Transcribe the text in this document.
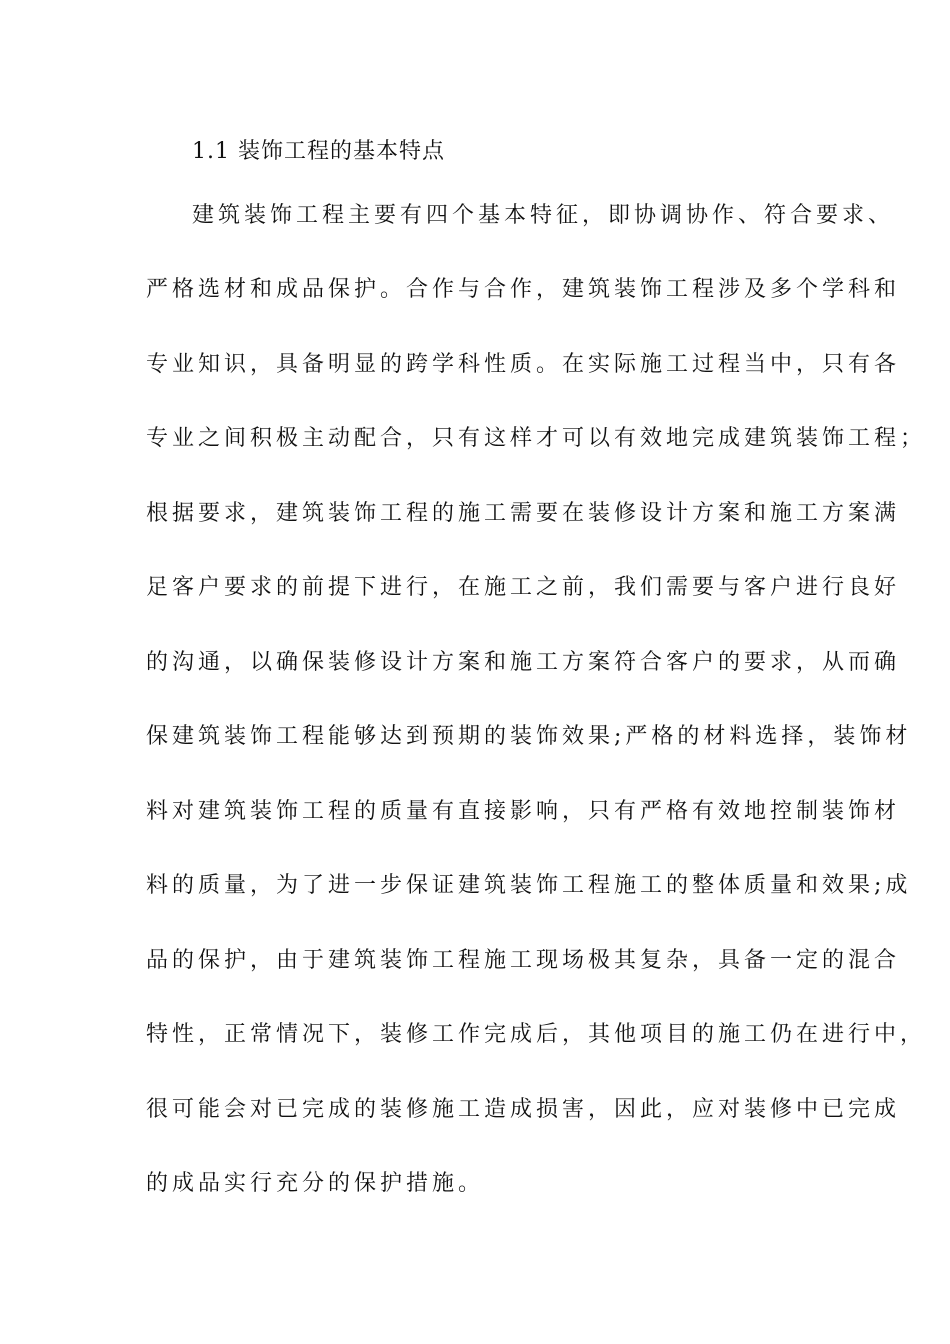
1.1 装饰工程的基本特点
建筑装饰工程主要有四个基本特征，即协调协作、符合要求、
严格选材和成品保护。合作与合作，建筑装饰工程涉及多个学科和
专业知识，具备明显的跨学科性质。在实际施工过程当中，只有各
专业之间积极主动配合，只有这样才可以有效地完成建筑装饰工程；
根据要求，建筑装饰工程的施工需要在装修设计方案和施工方案满
足客户要求的前提下进行，在施工之前，我们需要与客户进行良好
的沟通，以确保装修设计方案和施工方案符合客户的要求，从而确
保建筑装饰工程能够达到预期的装饰效果;严格的材料选择，装饰材
料对建筑装饰工程的质量有直接影响，只有严格有效地控制装饰材
料的质量，为了进一步保证建筑装饰工程施工的整体质量和效果;成
品的保护，由于建筑装饰工程施工现场极其复杂，具备一定的混合
特性，正常情况下，装修工作完成后，其他项目的施工仍在进行中，
很可能会对已完成的装修施工造成损害，因此，应对装修中已完成
的成品实行充分的保护措施。
